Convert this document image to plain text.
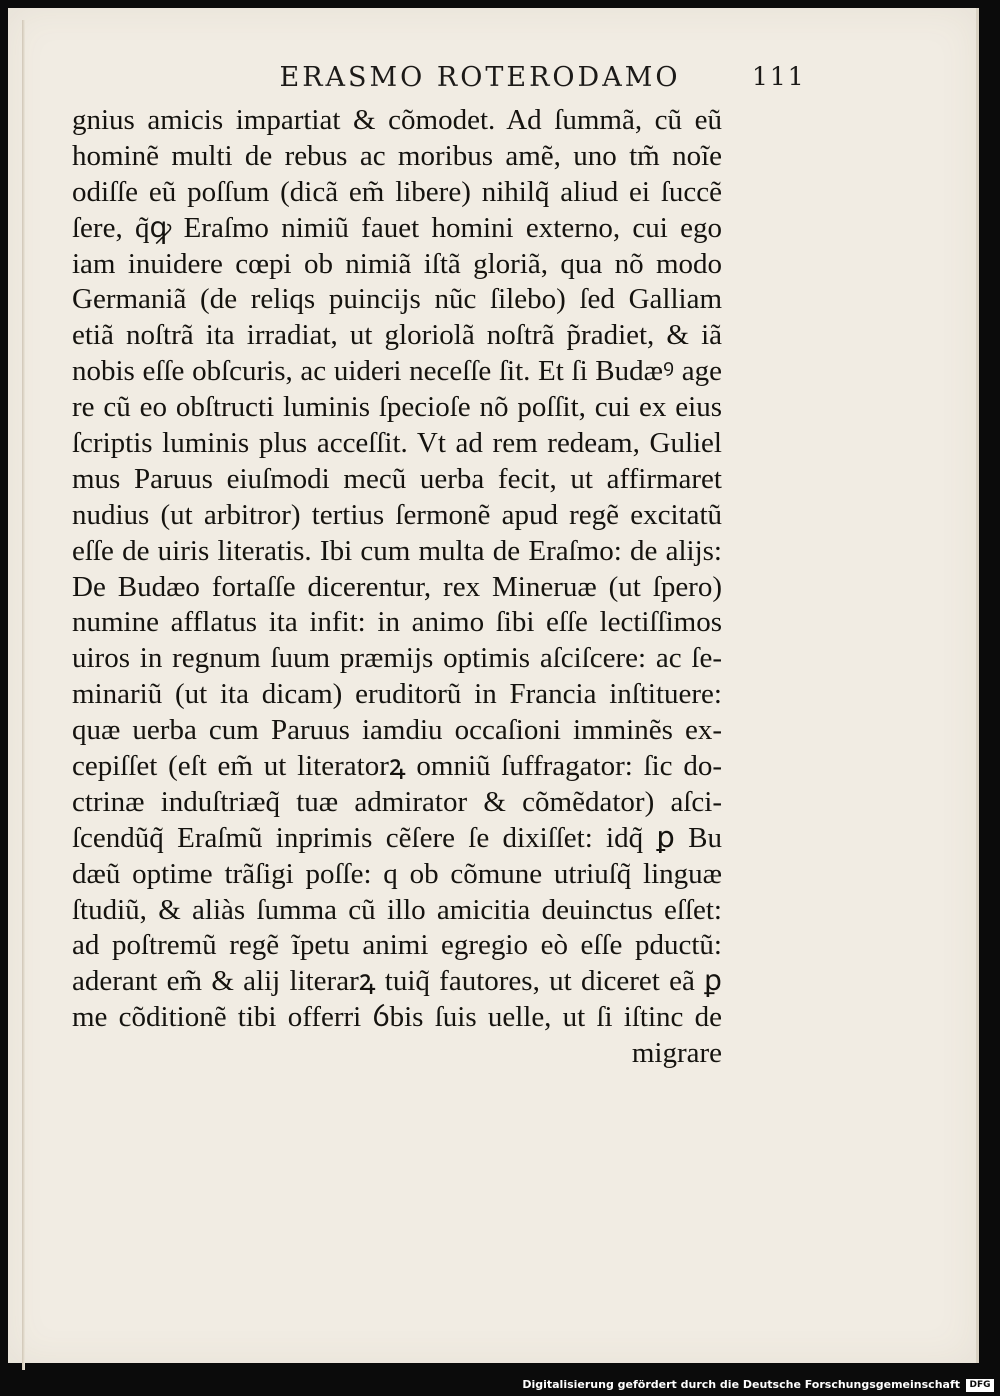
ERASMO ROTERODAMO	111
gnius amicis impartiat & cõmodet. Ad ſummã, cũ eũ
hominẽ multi de rebus ac moribus amẽ, uno tm̃ noĩe
odiſſe eũ poſſum (dicã em̃ libere) nihilq̃ aliud ei ſuccẽ
ſere, q̃ꝙ Eraſmo nimiũ fauet homini externo, cui ego
iam inuidere cœpi ob nimiã iſtã gloriã, qua nõ modo
Germaniã (de reliqs puincijs nũc ſilebo) ſed Galliam
etiã noſtrã ita irradiat, ut gloriolã noſtrã p̃radiet, & iã
nobis eſſe obſcuris, ac uideri neceſſe ſit. Et ſi Budæꝰ age
re cũ eo obſtructi luminis ſpecioſe nõ poſſit, cui ex eius
ſcriptis luminis plus acceſſit. Vt ad rem redeam, Guliel
mus Paruus eiuſmodi mecũ uerba fecit, ut affirmaret
nudius (ut arbitror) tertius ſermonẽ apud regẽ excitatũ
eſſe de uiris literatis. Ibi cum multa de Eraſmo: de alijs:
De Budæo fortaſſe dicerentur, rex Mineruæ (ut ſpero)
numine afflatus ita infit: in animo ſibi eſſe lectiſſimos
uiros in regnum ſuum præmijs optimis aſciſcere: ac ſe-
minariũ (ut ita dicam) eruditorũ in Francia inſtituere:
quæ uerba cum Paruus iamdiu occaſioni imminẽs ex-
cepiſſet (eſt em̃ ut literatorꝝ omniũ ſuffragator: ſic do-
ctrinæ induſtriæq̃ tuæ admirator & cõmẽdator) aſci-
ſcendũq̃ Eraſmũ inprimis cẽſere ſe dixiſſet: idq̃ ꝑ Bu
dæũ optime trãſigi poſſe: q ob cõmune utriuſq̃ linguæ
ſtudiũ, & aliàs ſumma cũ illo amicitia deuinctus eſſet:
ad poſtremũ regẽ ĩpetu animi egregio eò eſſe pductũ:
aderant em̃ & alij literarꝝ tuiq̃ fautores, ut diceret eã ꝑ
me cõditionẽ tibi offerri ỽbis ſuis uelle, ut ſi iſtinc de
migrare
Digitalisierung gefördert durch die Deutsche Forschungsgemeinschaft	DFG
